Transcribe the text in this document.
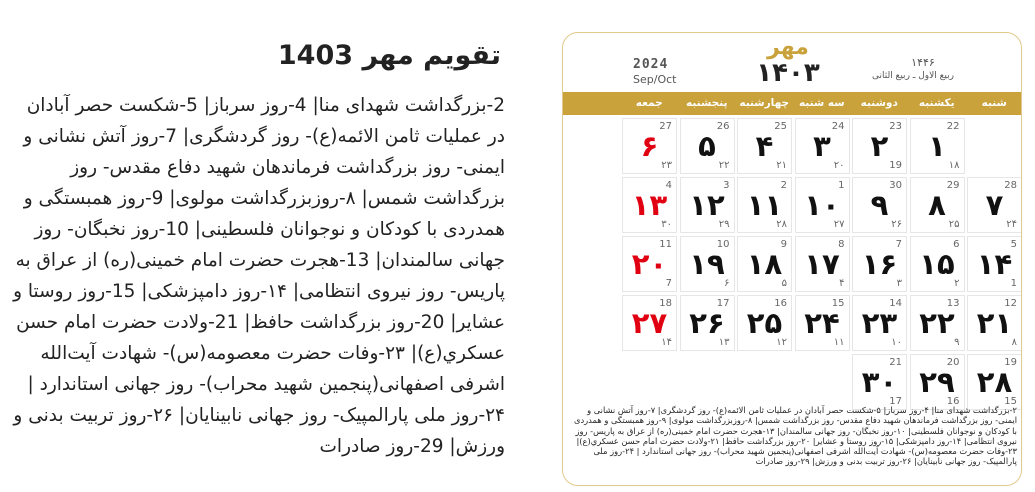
تقویم مهر 1403

2-بزرگداشت شهدای منا| 4-روز سرباز| 5-شکست حصر آبادان در عملیات ثامن الائمه(ع)- روز گردشگری| 7-روز آتش نشانی و ایمنی- روز بزرگداشت فرماندهان شهید دفاع مقدس- روز بزرگداشت شمس| ۸-روزبزرگداشت مولوی| 9-روز همبستگی و همدردی با کودکان و نوجوانان فلسطینی| 10-روز نخبگان- روز جهانی سالمندان| 13-هجرت حضرت امام خمینی(ره) از عراق به پاریس- روز نیروی انتظامی| ۱۴-روز دامپزشکی| 15-روز روستا و عشایر| 20-روز بزرگداشت حافظ| 21-ولادت حضرت امام حسن عسکري(ع)| ۲۳-وفات حضرت معصومه(س)- شهادت آیت‌الله اشرفی اصفهانی(پنجمین شهید محراب)- روز جهانی استاندارد | ۲۴-روز ملی پارالمپیک- روز جهانی نابینایان| ۲۶-روز تربیت بدنی و ورزش| 29-روز صادرات

2024
Sep/Oct
مهر
۱۴۰۳	۱۴۴۶
ربیع الاول ـ ربیع الثانی
شنبه
یکشنبه
دوشنبه
سه شنبه
چهارشنبه
پنجشنبه
جمعه
۱
22
۱۸
۲
23
19
۳
24
۲۰
۴
25
۲۱
۵
26
۲۲
۶
27
۲۳
۷
28
۲۴
۸
29
۲۵
۹
30
۲۶
۱۰
1
۲۷
۱۱
2
۲۸
۱۲
3
۲۹
۱۳
4
۳۰
۱۴
5
1
۱۵
6
۲
۱۶
7
۳
۱۷
8
۴
۱۸
9
۵
۱۹
10
۶
۲۰
11
7
۲۱
12
۸
۲۲
13
۹
۲۳
14
۱۰
۲۴
15
۱۱
۲۵
16
۱۲
۲۶
17
۱۳
۲۷
18
۱۴
۲۸
19
15
۲۹
20
16
۳۰
21
17
۲-بزرگداشت شهدای منا| ۴-روز سرباز| ۵-شکست حصر آبادان در عملیات ثامن الائمه(ع)- روز گردشگری| ۷-روز آتش نشانی و ایمنی- روز بزرگداشت فرماندهان شهید دفاع مقدس- روز بزرگداشت شمس| ۸-روزبزرگداشت مولوی| ۹-روز همبستگی و همدردی با کودکان و نوجوانان فلسطینی| ۱۰-روز نخبگان- روز جهانی سالمندان| ۱۳-هجرت حضرت امام خمینی(ره) از عراق به پاریس- روز نیروی انتظامی| ۱۴-روز دامپزشکی| ۱۵-روز روستا و عشایر| ۲۰-روز بزرگداشت حافظ| ۲۱-ولادت حضرت امام حسن عسکري(ع)| ۲۳-وفات حضرت معصومه(س)- شهادت آیت‌الله اشرفی اصفهانی(پنجمین شهید محراب)- روز جهانی استاندارد | ۲۴-روز ملی پارالمپیک- روز جهانی نابینایان| ۲۶-روز تربیت بدنی و ورزش| ۲۹-روز صادرات
